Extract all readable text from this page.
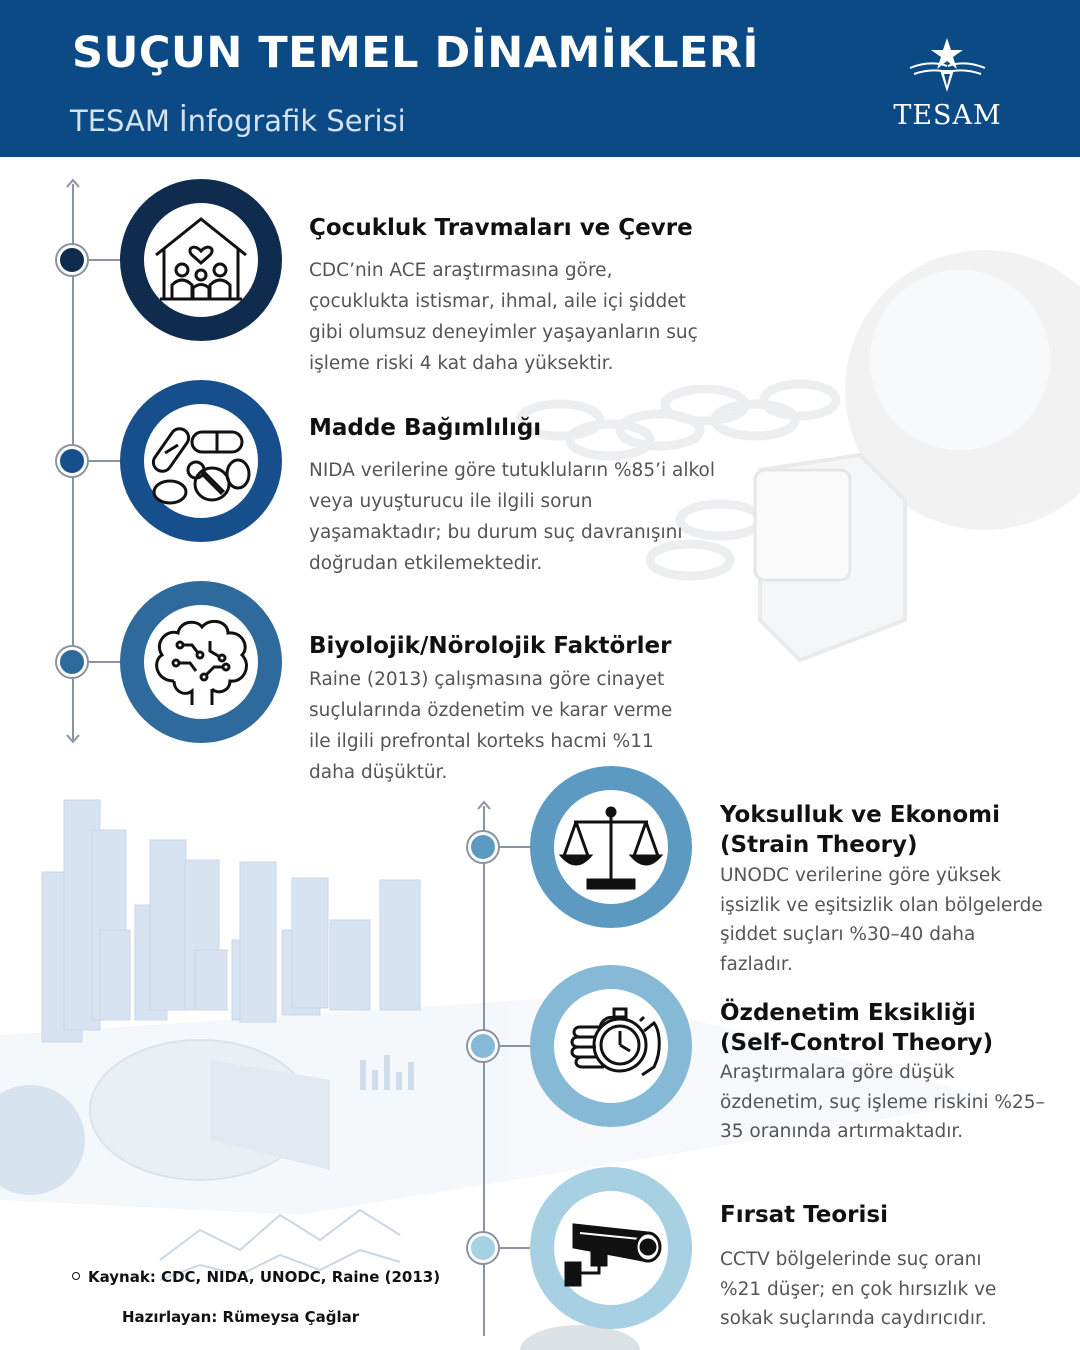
SUÇUN TEMEL DİNAMİKLERİ
TESAM İnfografik Serisi	TESAM
Çocukluk Travmaları ve Çevre
CDC’nin ACE araştırmasına göre,
çocuklukta istismar, ihmal, aile içi şiddet
gibi olumsuz deneyimler yaşayanların suç
işleme riski 4 kat daha yüksektir.
Madde Bağımlılığı
NIDA verilerine göre tutukluların %85’i alkol
veya uyuşturucu ile ilgili sorun
yaşamaktadır; bu durum suç davranışını
doğrudan etkilemektedir.
Biyolojik/Nörolojik Faktörler
Raine (2013) çalışmasına göre cinayet
suçlularında özdenetim ve karar verme
ile ilgili prefrontal korteks hacmi %11
daha düşüktür.
Yoksulluk ve Ekonomi
(Strain Theory)
UNODC verilerine göre yüksek
işsizlik ve eşitsizlik olan bölgelerde
şiddet suçları %30–40 daha
fazladır.
Özdenetim Eksikliği
(Self-Control Theory)
Araştırmalara göre düşük
özdenetim, suç işleme riskini %25–
35 oranında artırmaktadır.
Fırsat Teorisi
CCTV bölgelerinde suç oranı
%21 düşer; en çok hırsızlık ve
sokak suçlarında caydırıcıdır.
Kaynak: CDC, NIDA, UNODC, Raine (2013)
Hazırlayan: Rümeysa Çağlar
